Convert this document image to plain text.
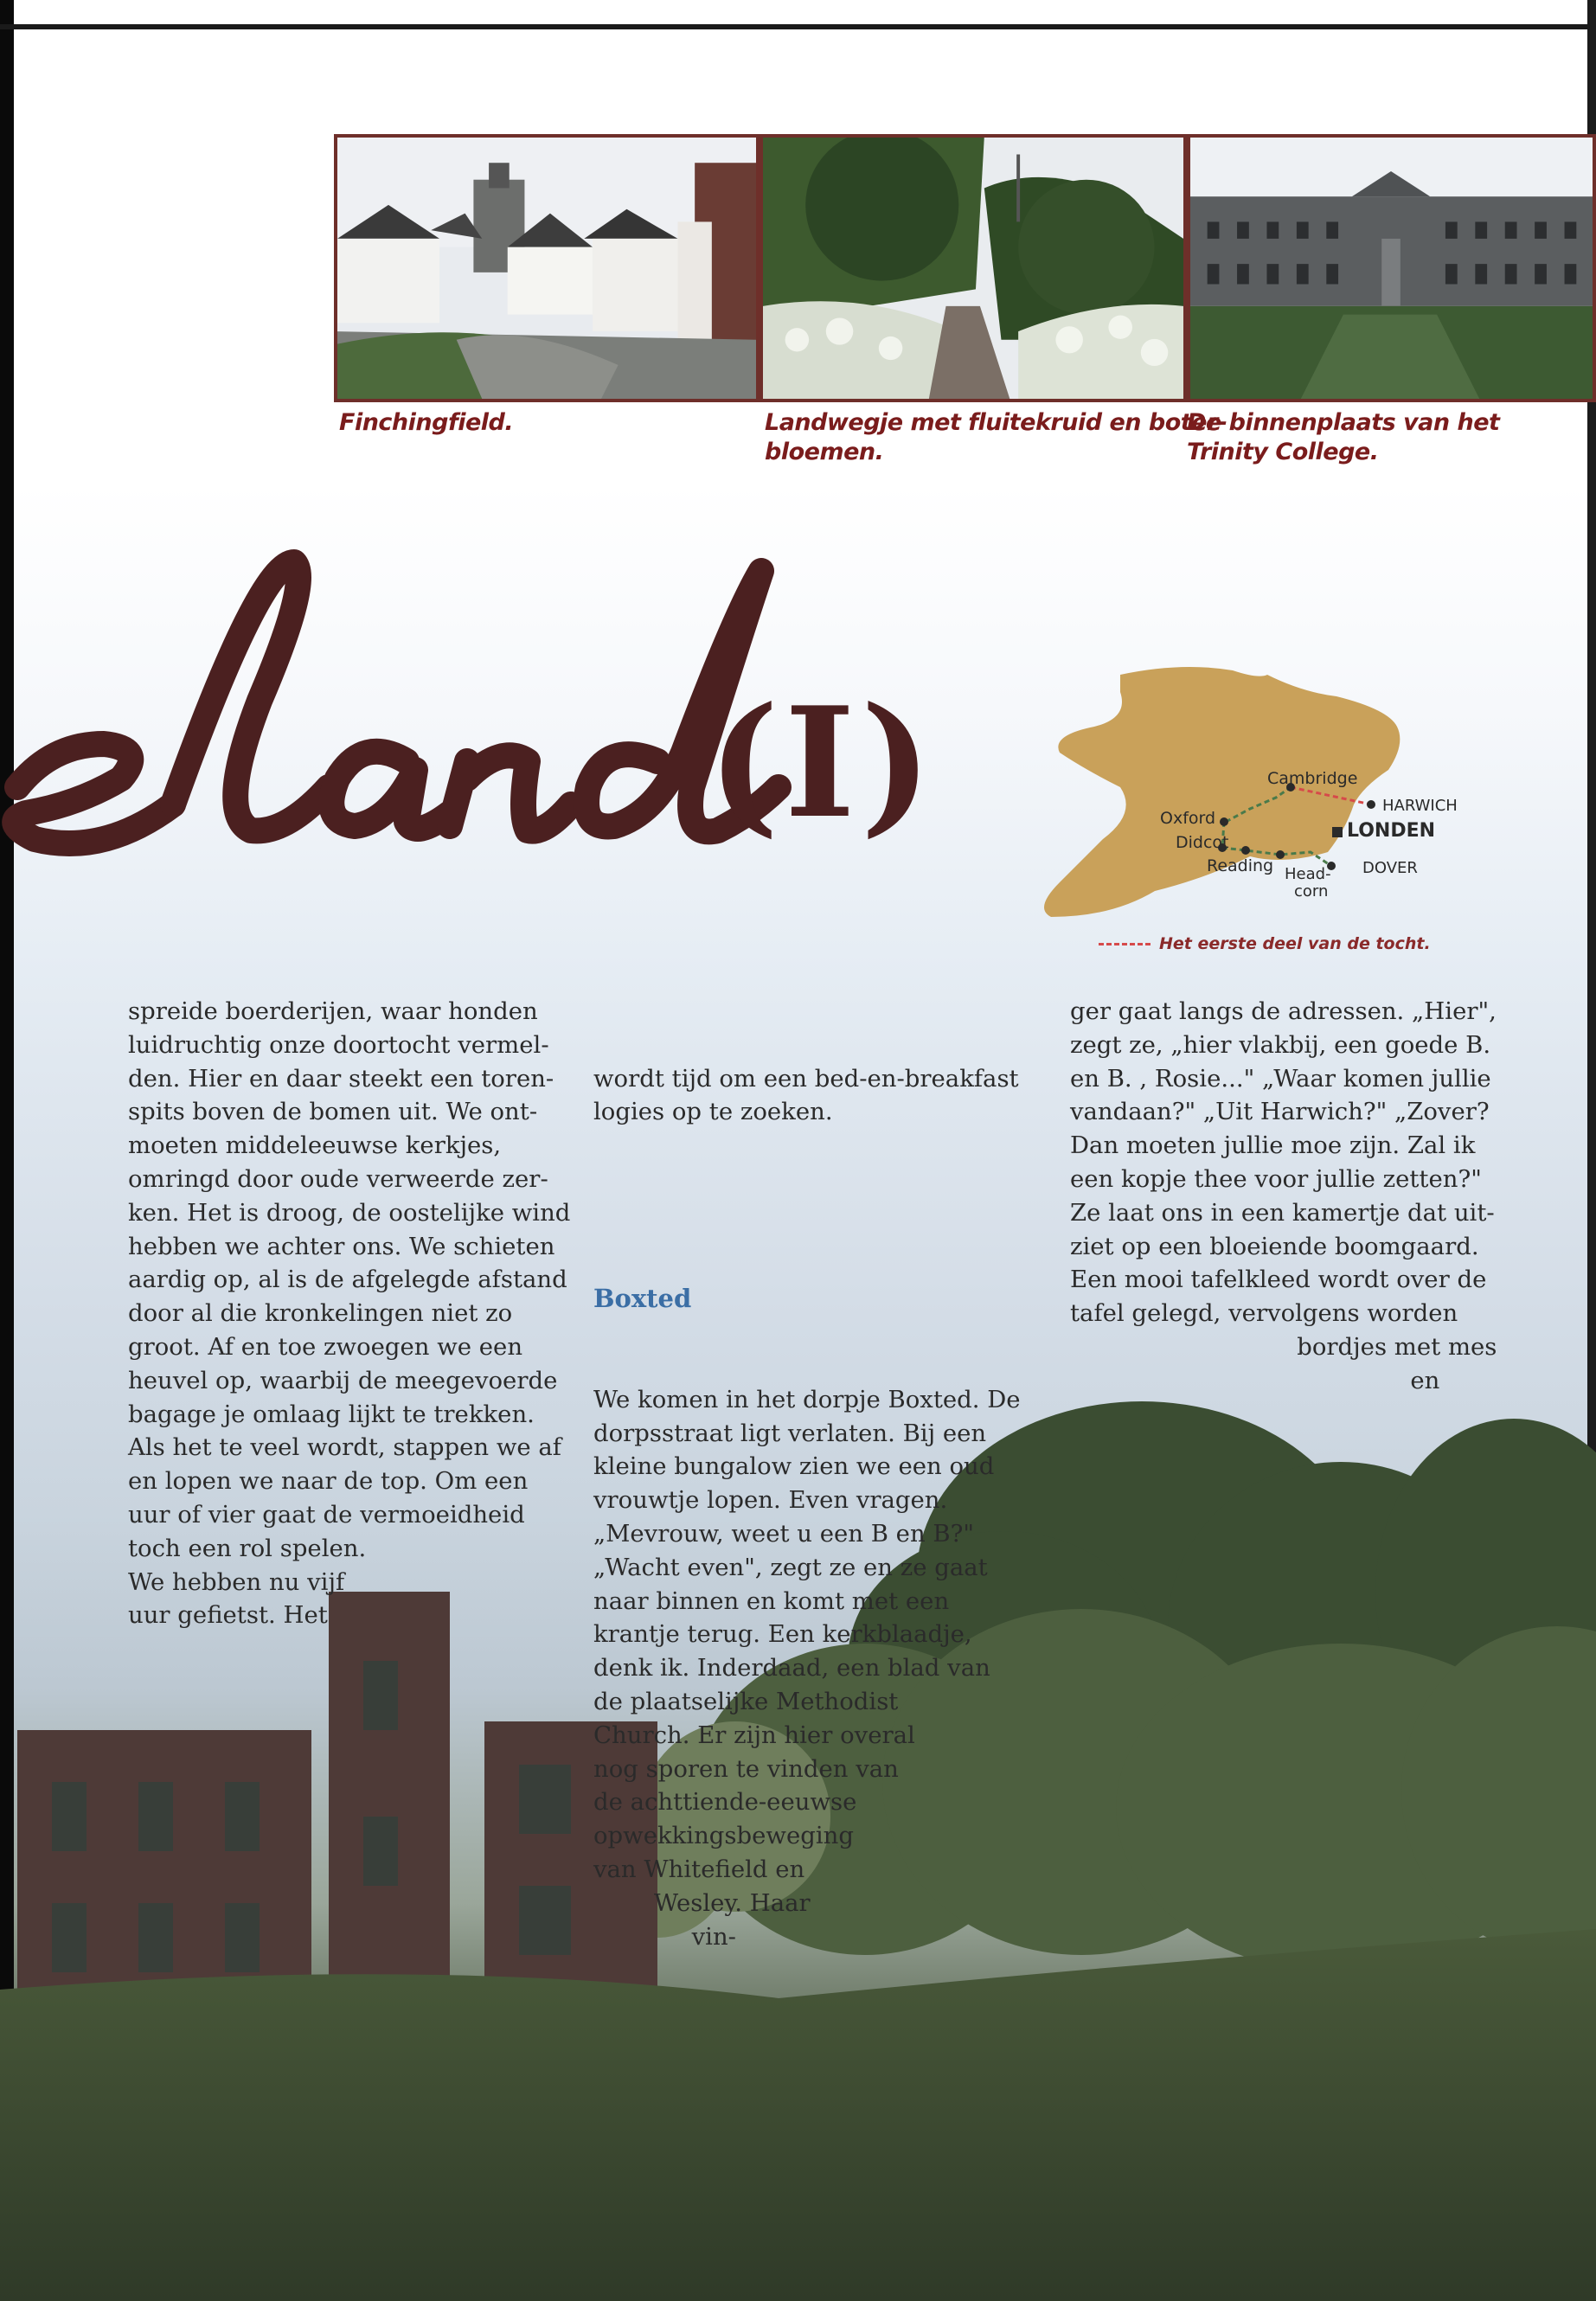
Finchingfield.	Landwegje met fluitekruid en boter-
bloemen.
De binnenplaats van het
Trinity College.
(I)	Cambridge
HARWICH
Oxford
LONDEN
Didcot
Reading Head-
corn
DOVER
Het eerste deel van de tocht.
spreide boerderijen, waar honden
luidruchtig onze doortocht vermel-
den. Hier en daar steekt een toren-
spits boven de bomen uit. We ont-
moeten middeleeuwse kerkjes,
omringd door oude verweerde zer-
ken. Het is droog, de oostelijke wind
hebben we achter ons. We schieten
aardig op, al is de afgelegde afstand
door al die kronkelingen niet zo
groot. Af en toe zwoegen we een
heuvel op, waarbij de meegevoerde
bagage je omlaag lijkt te trekken.
Als het te veel wordt, stappen we af
en lopen we naar de top. Om een
uur of vier gaat de vermoeidheid
toch een rol spelen.
We hebben nu vijf
uur gefietst. Het

wordt tijd om een bed-en-breakfast
logies op te zoeken.

Boxted

We komen in het dorpje Boxted. De
dorpsstraat ligt verlaten. Bij een
kleine bungalow zien we een oud
vrouwtje lopen. Even vragen.
„Mevrouw, weet u een B en B?"
„Wacht even", zegt ze en ze gaat
naar binnen en komt met een
krantje terug. Een kerkblaadje,
denk ik. Inderdaad, een blad van
de plaatselijke Methodist
Church. Er zijn hier overal
nog sporen te vinden van
de achttiende-eeuwse
opwekkingsbeweging
van Whitefield en
Wesley. Haar
vin-

ger gaat langs de adressen. „Hier",
zegt ze, „hier vlakbij, een goede B.
en B. , Rosie..." „Waar komen jullie
vandaan?" „Uit Harwich?" „Zover?
Dan moeten jullie moe zijn. Zal ik
een kopje thee voor jullie zetten?"
Ze laat ons in een kamertje dat uit-
ziet op een bloeiende boomgaard.
Een mooi tafelkleed wordt over de
tafel gelegd, vervolgens worden
bordjes met mes
en
